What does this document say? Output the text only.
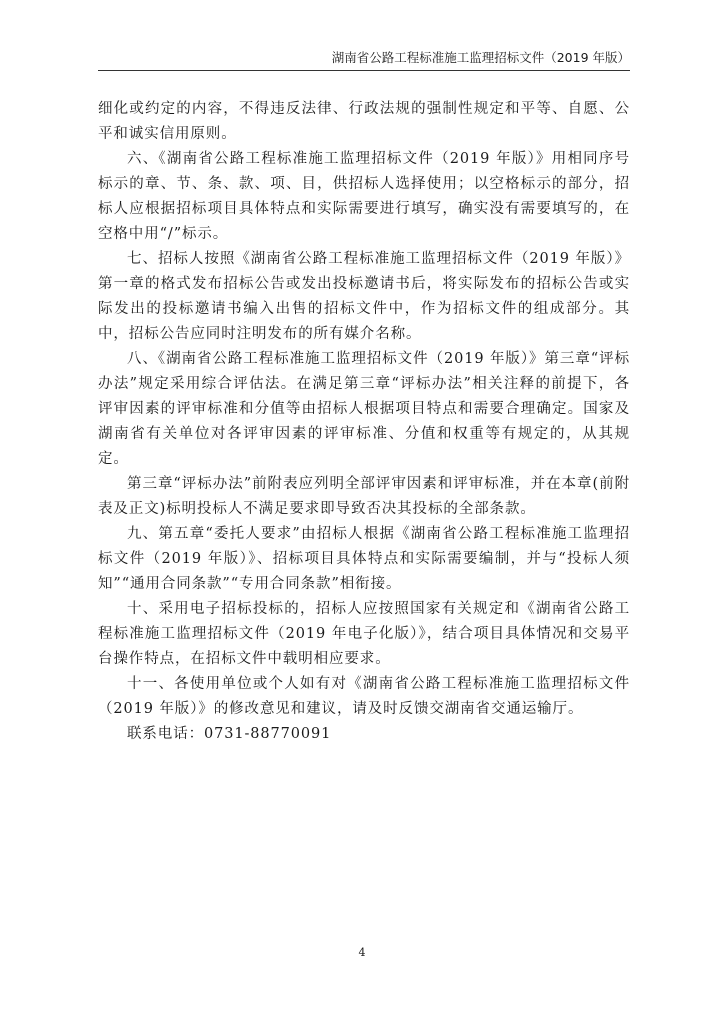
湖南省公路工程标准施工监理招标文件（2019 年版）

细化或约定的内容，不得违反法律、行政法规的强制性规定和平等、自愿、公平和诚实信用原则。

六、《湖南省公路工程标准施工监理招标文件（2019 年版）》用相同序号标示的章、节、条、款、项、目，供招标人选择使用；以空格标示的部分，招标人应根据招标项目具体特点和实际需要进行填写，确实没有需要填写的，在空格中用“/”标示。

七、招标人按照《湖南省公路工程标准施工监理招标文件（2019 年版）》第一章的格式发布招标公告或发出投标邀请书后，将实际发布的招标公告或实际发出的投标邀请书编入出售的招标文件中，作为招标文件的组成部分。其中，招标公告应同时注明发布的所有媒介名称。

八、《湖南省公路工程标准施工监理招标文件（2019 年版）》第三章“评标办法”规定采用综合评估法。在满足第三章“评标办法”相关注释的前提下，各评审因素的评审标准和分值等由招标人根据项目特点和需要合理确定。国家及湖南省有关单位对各评审因素的评审标准、分值和权重等有规定的，从其规定。

第三章“评标办法”前附表应列明全部评审因素和评审标准，并在本章(前附表及正文)标明投标人不满足要求即导致否决其投标的全部条款。

九、第五章“委托人要求”由招标人根据《湖南省公路工程标准施工监理招标文件（2019 年版）》、招标项目具体特点和实际需要编制，并与“投标人须知”“通用合同条款”“专用合同条款”相衔接。

十、采用电子招标投标的，招标人应按照国家有关规定和《湖南省公路工程标准施工监理招标文件（2019 年电子化版）》，结合项目具体情况和交易平台操作特点，在招标文件中载明相应要求。

十一、各使用单位或个人如有对《湖南省公路工程标准施工监理招标文件（2019 年版）》的修改意见和建议，请及时反馈交湖南省交通运输厅。

联系电话：0731-88770091

4
